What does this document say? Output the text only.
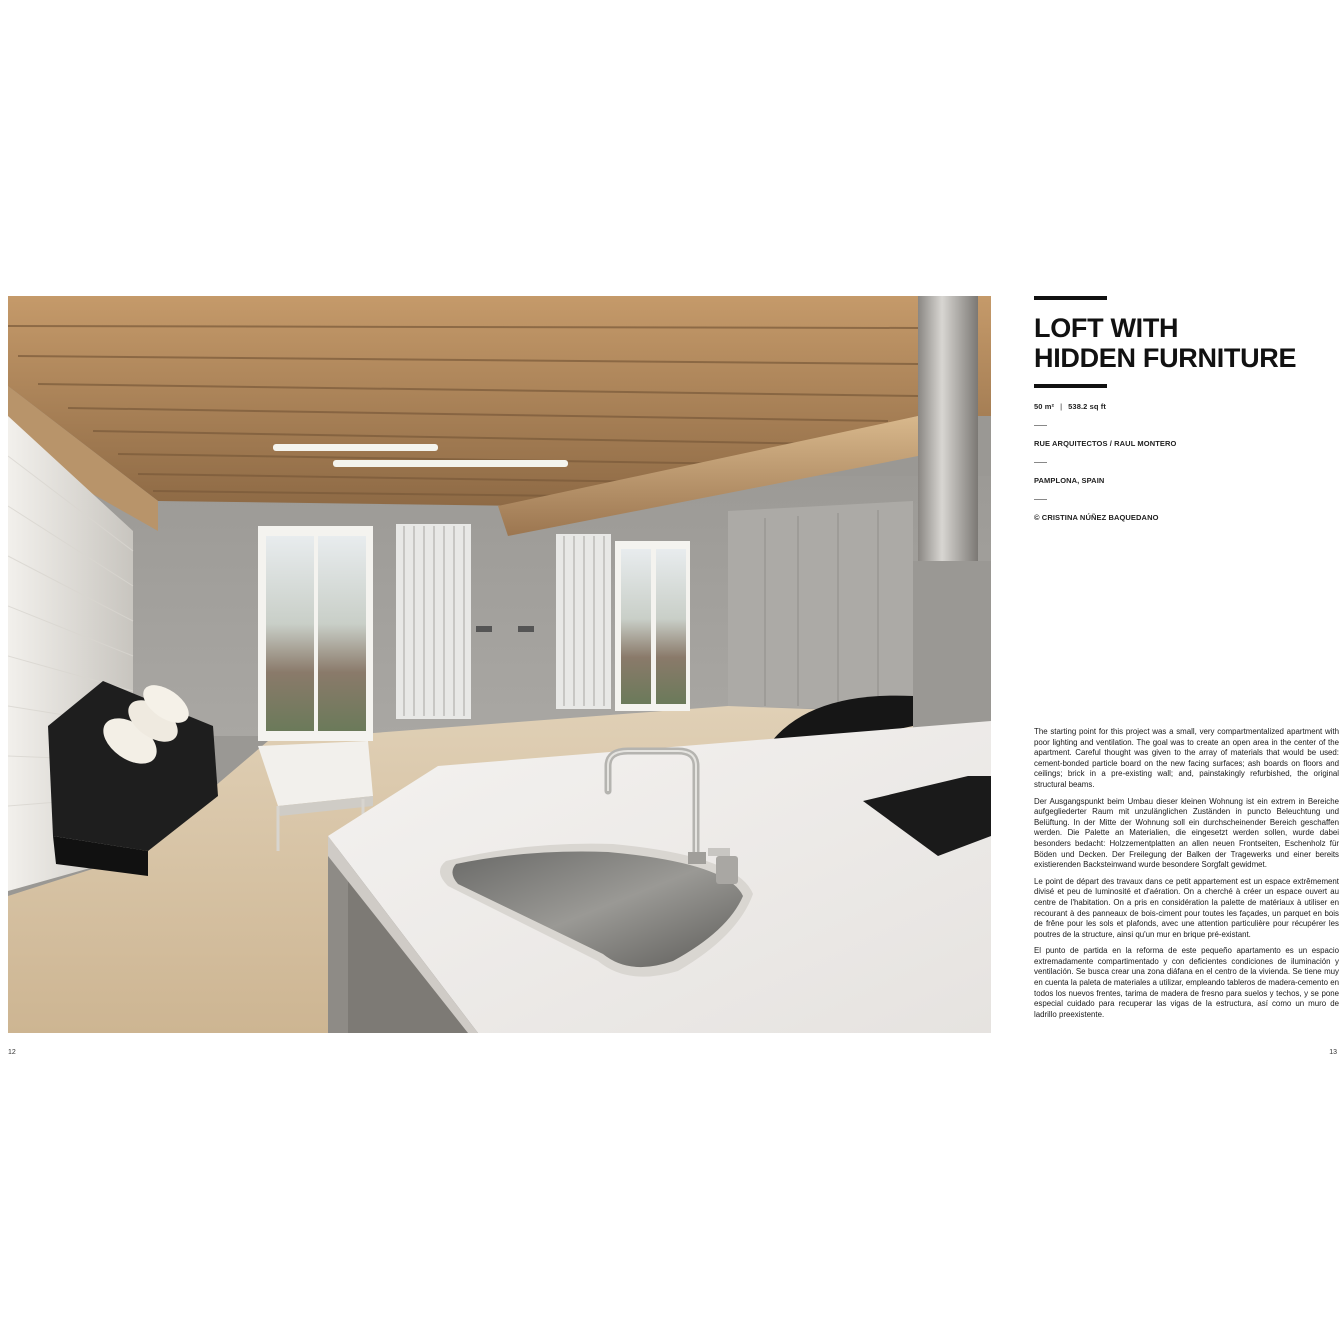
LOFT WITH
HIDDEN FURNITURE
50 m² | 538.2 sq ft
RUE ARQUITECTOS / RAUL MONTERO
PAMPLONA, SPAIN
© CRISTINA NÚÑEZ BAQUEDANO

The starting point for this project was a small, very compartmentalized apartment with poor lighting and ventilation. The goal was to create an open area in the center of the apartment. Careful thought was given to the array of materials that would be used: cement-bonded particle board on the new facing surfaces; ash boards on floors and ceilings; brick in a pre-existing wall; and, painstakingly refurbished, the original structural beams.

Der Ausgangspunkt beim Umbau dieser kleinen Wohnung ist ein extrem in Bereiche aufgegliederter Raum mit unzulänglichen Zuständen in puncto Beleuchtung und Belüftung. In der Mitte der Wohnung soll ein durchscheinender Bereich geschaffen werden. Die Palette an Materialien, die eingesetzt werden sollen, wurde dabei besonders bedacht: Holzzementplatten an allen neuen Frontseiten, Eschenholz für Böden und Decken. Der Freilegung der Balken der Tragewerks und einer bereits existierenden Backsteinwand wurde besondere Sorgfalt gewidmet.

Le point de départ des travaux dans ce petit appartement est un espace extrêmement divisé et peu de luminosité et d'aération. On a cherché à créer un espace ouvert au centre de l'habitation. On a pris en considération la palette de matériaux à utiliser en recourant à des panneaux de bois-ciment pour toutes les façades, un parquet en bois de frêne pour les sols et plafonds, avec une attention particulière pour récupérer les poutres de la structure, ainsi qu'un mur en brique pré-existant.

El punto de partida en la reforma de este pequeño apartamento es un espacio extremadamente compartimentado y con deficientes condiciones de iluminación y ventilación. Se busca crear una zona diáfana en el centro de la vivienda. Se tiene muy en cuenta la paleta de materiales a utilizar, empleando tableros de madera-cemento en todos los nuevos frentes, tarima de madera de fresno para suelos y techos, y se pone especial cuidado para recuperar las vigas de la estructura, así como un muro de ladrillo preexistente.

12	13
